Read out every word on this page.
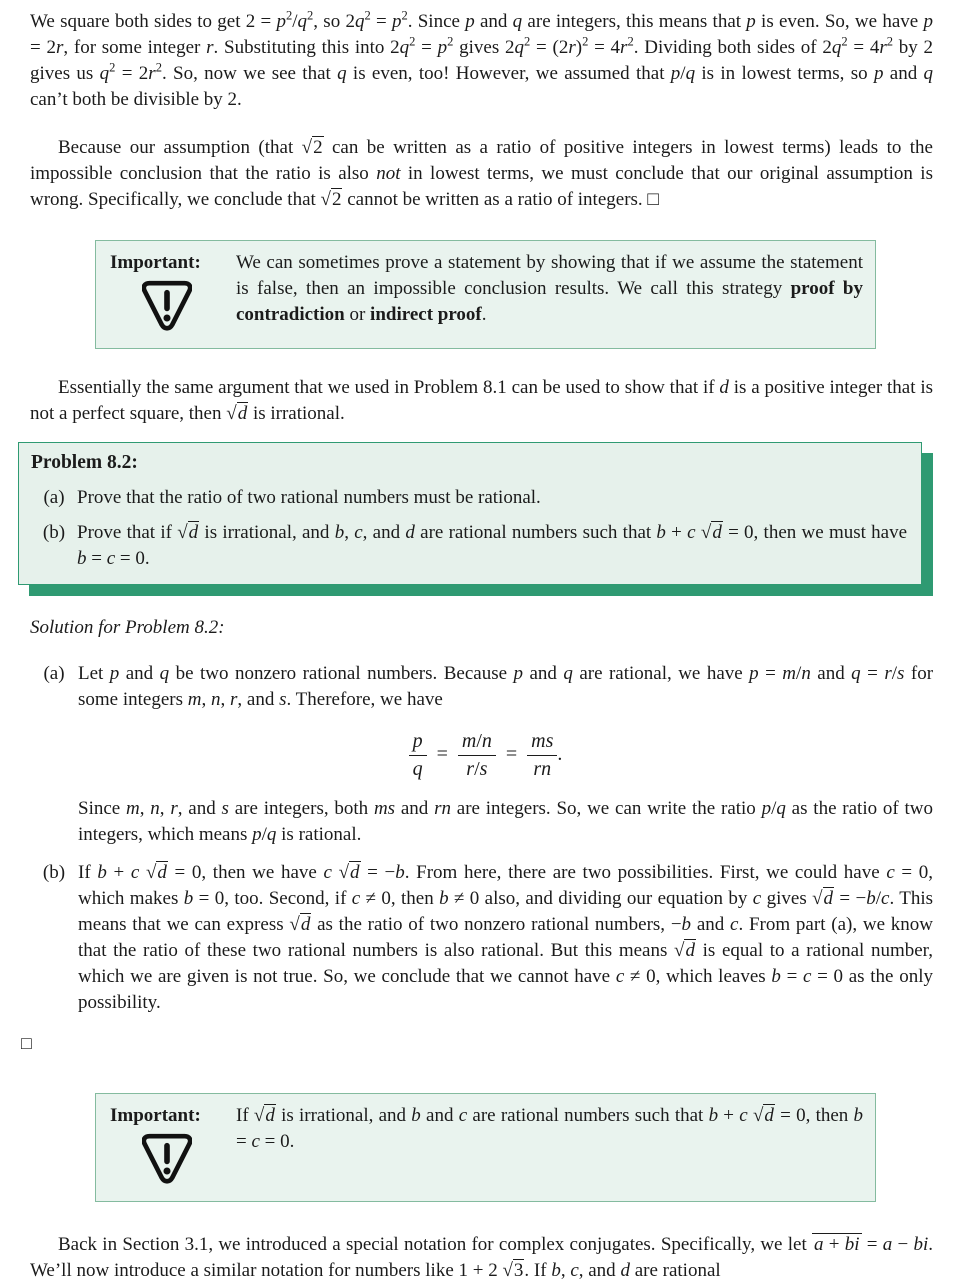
We square both sides to get $2 = p^2/q^2$, so $2q^2 = p^2$. Since p and q are integers, this means that p is even. So, we have p = 2r, for some integer r. Substituting this into $2q^2 = p^2$ gives $2q^2 = (2r)^2 = 4r^2$. Dividing both sides of $2q^2 = 4r^2$ by 2 gives us $q^2 = 2r^2$. So, now we see that q is even, too! However, we assumed that p/q is in lowest terms, so p and q can’t both be divisible by 2.

Because our assumption (that √2 can be written as a ratio of positive integers in lowest terms) leads to the impossible conclusion that the ratio is also not in lowest terms, we must conclude that our original assumption is wrong. Specifically, we conclude that √2 cannot be written as a ratio of integers. □

Important:	We can sometimes prove a statement by showing that if we assume the statement is false, then an impossible conclusion results. We call this strategy proof by contradiction or indirect proof.

Essentially the same argument that we used in Problem 8.1 can be used to show that if d is a positive integer that is not a perfect square, then √d is irrational.

Problem 8.2:
(a) Prove that the ratio of two rational numbers must be rational.
(b) Prove that if √d is irrational, and b, c, and d are rational numbers such that b + c √d = 0, then we must have b = c = 0.

Solution for Problem 8.2:

(a) Let p and q be two nonzero rational numbers. Because p and q are rational, we have p = m/n and q = r/s for some integers m, n, r, and s. Therefore, we have

$\frac{p}{q} = \frac{m/n}{r/s} = \frac{ms}{rn}$ .

Since m, n, r, and s are integers, both ms and rn are integers. So, we can write the ratio p/q as the ratio of two integers, which means p/q is rational.

(b) If b + c √d = 0, then we have c √d = −b. From here, there are two possibilities. First, we could have c = 0, which makes b = 0, too. Second, if c ≠ 0, then b ≠ 0 also, and dividing our equation by c gives √d = −b/c. This means that we can express √d as the ratio of two nonzero rational numbers, −b and c. From part (a), we know that the ratio of these two rational numbers is also rational. But this means √d is equal to a rational number, which we are given is not true. So, we conclude that we cannot have c ≠ 0, which leaves b = c = 0 as the only possibility.

□
Important:	If √d is irrational, and b and c are rational numbers such that b + c √d = 0, then b = c = 0.

Back in Section 3.1, we introduced a special notation for complex conjugates. Specifically, we let a + bi = a − bi. We’ll now introduce a similar notation for numbers like 1 + 2 √3. If b, c, and d are rational
